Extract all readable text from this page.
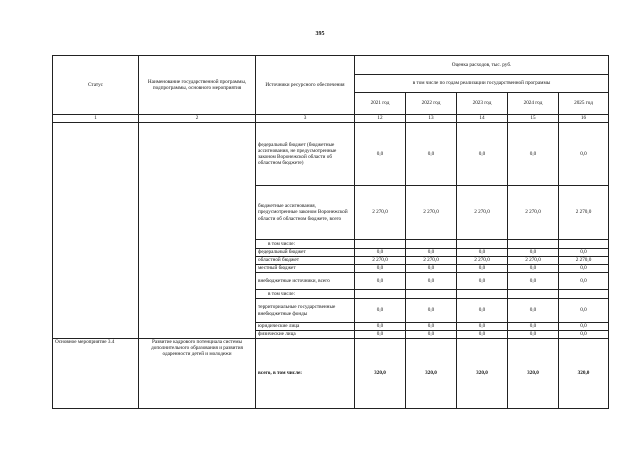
395
Статус	Наименование государственной программы, подпрограммы, основного мероприятия	Источники ресурсного обеспечения	Оценка расходов, тыс. руб.				
			в том числе по годам реализации государственной программы				
			2021 год	2022 год	2023 год	2024 год	2025 год
1	2	3	12	13	14	15	16
		федеральный бюджет (бюджетные ассигнования, не предусмотренные законом Воронежской области об областном бюджете)	0,0	0,0	0,0	0,0	0,0
		бюджетные ассигнования, предусмотренные законом Воронежской области об областном бюджете, всего	2 270,0	2 270,0	2 270,0	2 270,0	2 270,0
		в том числе:					
		федеральный бюджет	0,0	0,0	0,0	0,0	0,0
		областной бюджет	2 270,0	2 270,0	2 270,0	2 270,0	2 270,0
		местный бюджет	0,0	0,0	0,0	0,0	0,0
		внебюджетные источники, всего	0,0	0,0	0,0	0,0	0,0
		в том числе:					
		территориальные государственные внебюджетные фонды	0,0	0,0	0,0	0,0	0,0
		юридические лица	0,0	0,0	0,0	0,0	0,0
		физические лица	0,0	0,0	0,0	0,0	0,0
Основное мероприятие 3.4	Развитие кадрового потенциала системы дополнительного образования и развития одаренности детей и молодежи	всего, в том числе:	320,0	320,0	320,0	320,0	320,0
